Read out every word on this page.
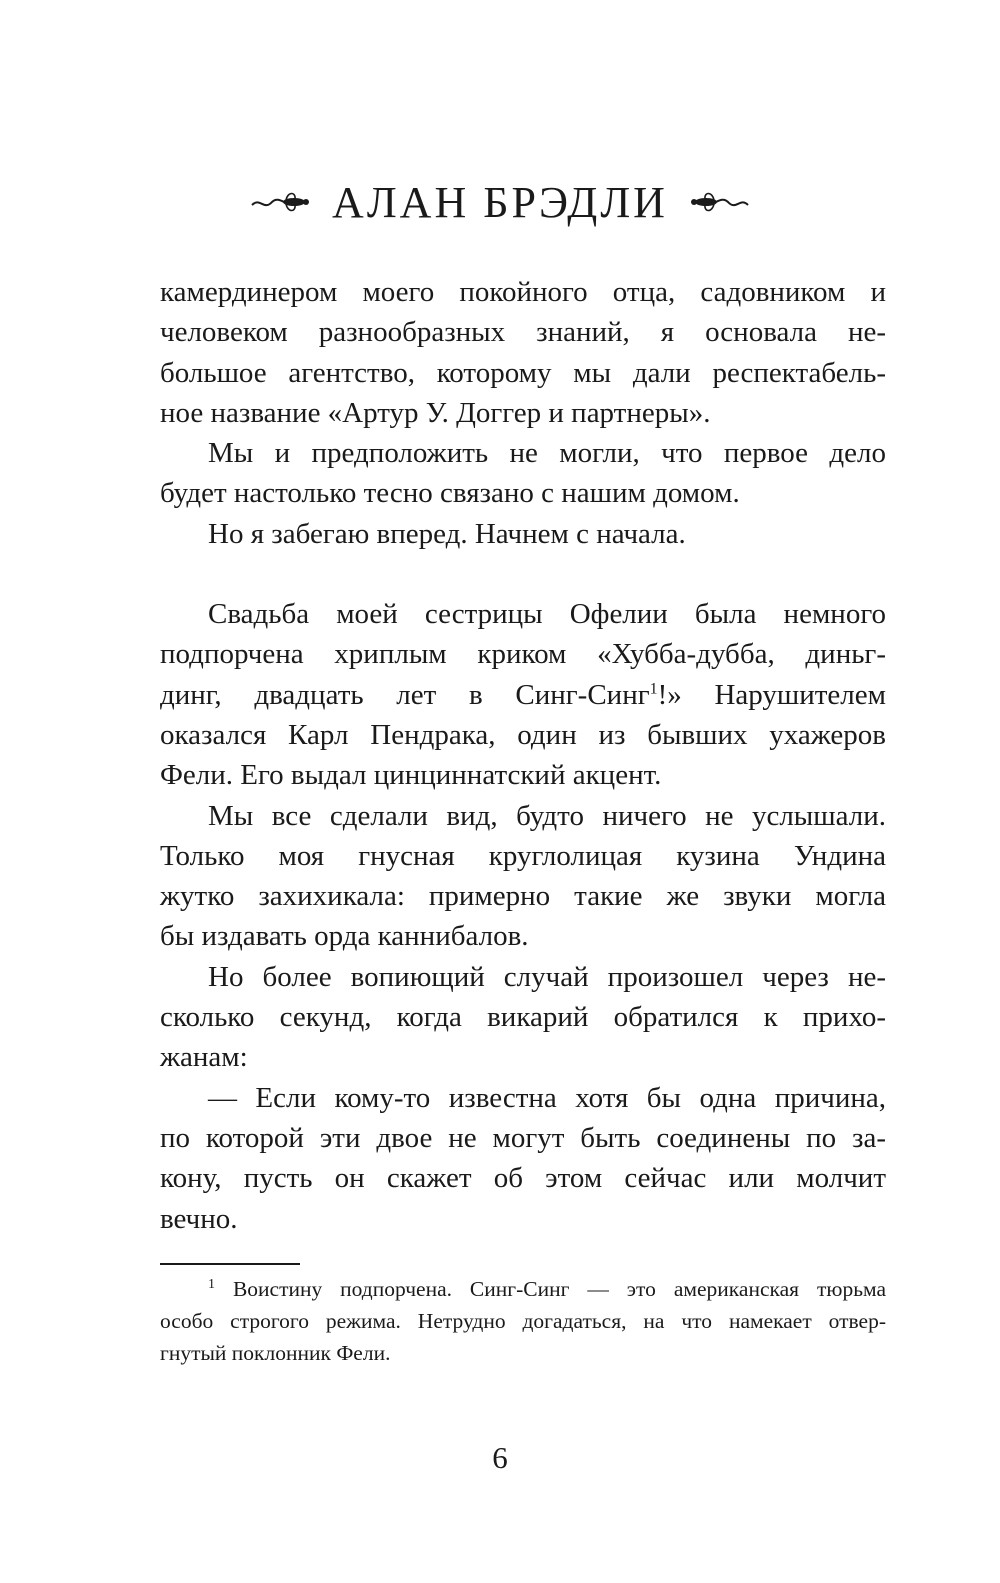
АЛАН БРЭДЛИ
камердинером моего покойного отца, садовником и
человеком разнообразных знаний, я основала не-
большое агентство, которому мы дали респектабель-
ное название «Артур У. Доггер и партнеры».
Мы и предположить не могли, что первое дело
будет настолько тесно связано с нашим домом.
Но я забегаю вперед. Начнем с начала.
Свадьба моей сестрицы Офелии была немного
подпорчена хриплым криком «Хубба-дубба, диньг-
динг, двадцать лет в Синг-Синг$^1$!» Нарушителем
оказался Карл Пендрака, один из бывших ухажеров
Фели. Его выдал цинциннатский акцент.
Мы все сделали вид, будто ничего не услышали.
Только моя гнусная круглолицая кузина Ундина
жутко захихикала: примерно такие же звуки могла
бы издавать орда каннибалов.
Но более вопиющий случай произошел через не-
сколько секунд, когда викарий обратился к прихо-
жанам:
— Если кому-то известна хотя бы одна причина,
по которой эти двое не могут быть соединены по за-
кону, пусть он скажет об этом сейчас или молчит
вечно.
$^1$ Воистину подпорчена. Синг-Синг — это американская тюрьма
особо строгого режима. Нетрудно догадаться, на что намекает отвер-
гнутый поклонник Фели.
6
